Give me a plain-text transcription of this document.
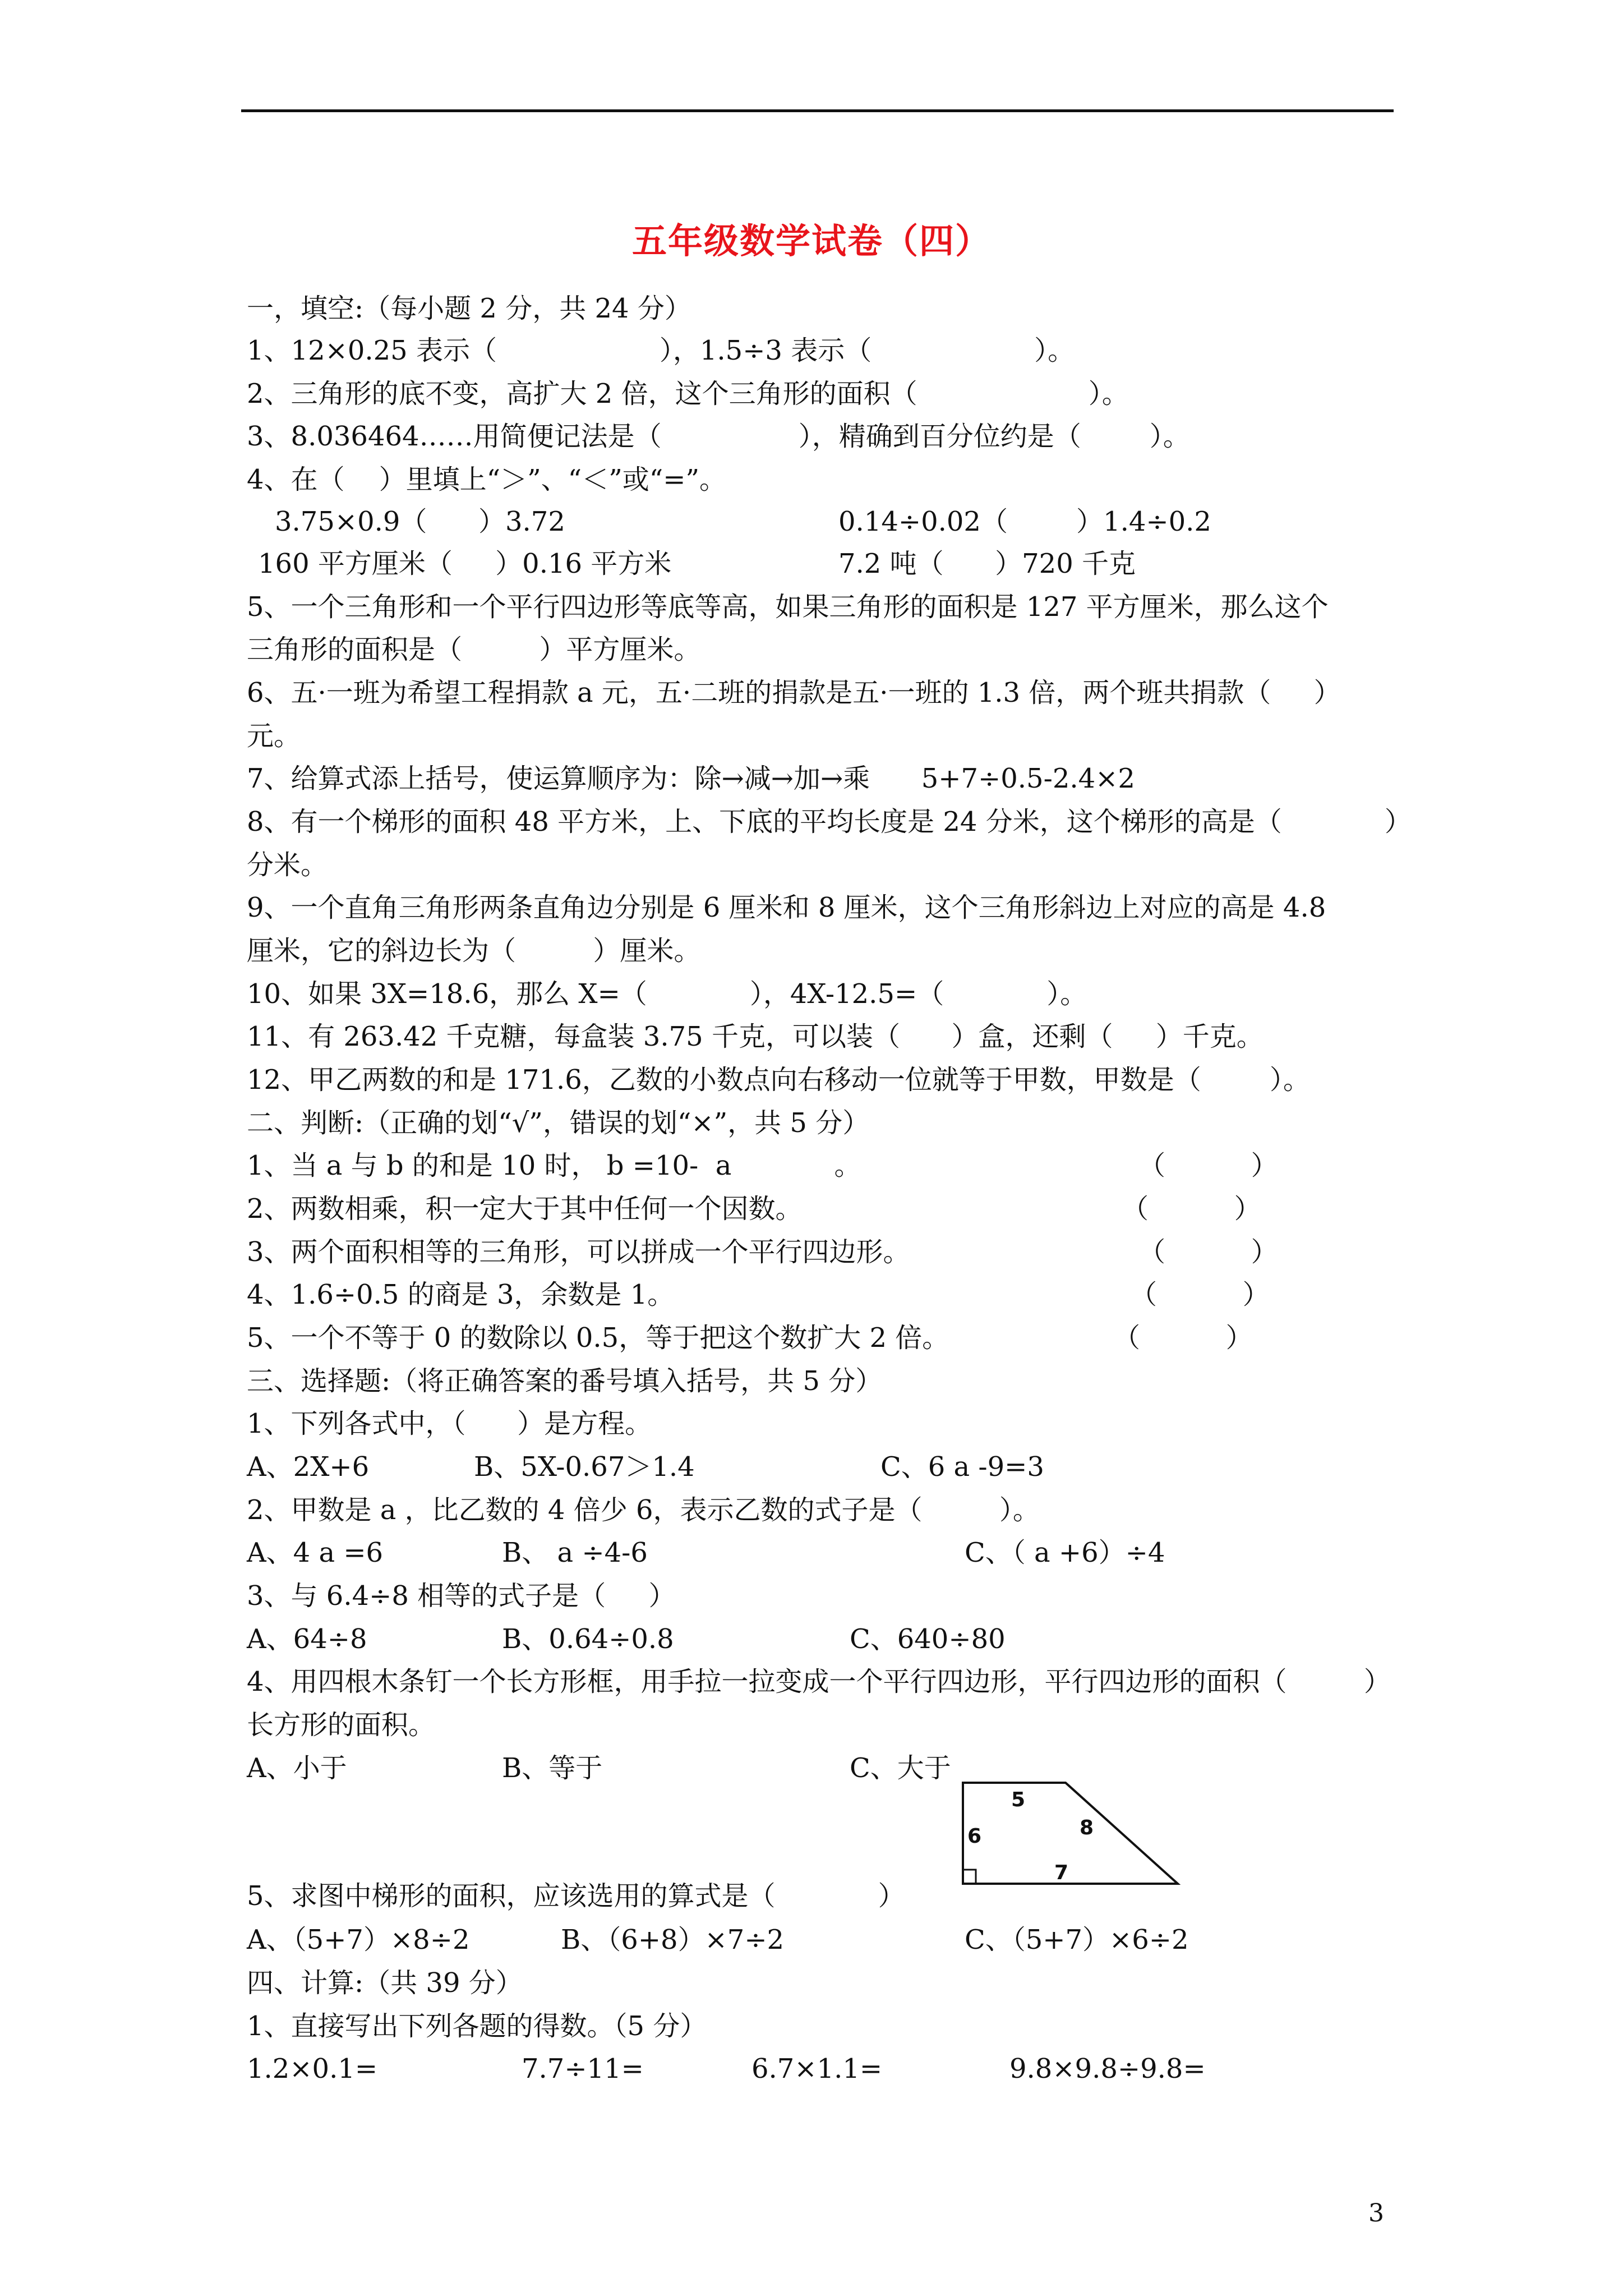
五年级数学试卷（四）
一，填空:（每小题 2 分，共 24 分）
1、12×0.25 表示（                   ），1.5÷3 表示（                   ）。
2、三角形的底不变，高扩大 2 倍，这个三角形的面积（                    ）。
3、8.036464……用简便记法是（                ），精确到百分位约是（        ）。
4、在（    ）里填上“＞”、“＜”或“=”。
3.75×0.9（      ）3.72	0.14÷0.02（        ）1.4÷0.2
160 平方厘米（     ）0.16 平方米	7.2 吨（      ）720 千克
5、一个三角形和一个平行四边形等底等高，如果三角形的面积是 127 平方厘米，那么这个
三角形的面积是（         ）平方厘米。
6、五·一班为希望工程捐款 a 元，五·二班的捐款是五·一班的 1.3 倍，两个班共捐款（     ）
元。
7、给算式添上括号，使运算顺序为：除→减→加→乘      5+7÷0.5-2.4×2
8、有一个梯形的面积 48 平方米，上、下底的平均长度是 24 分米，这个梯形的高是（            ）
分米。
9、一个直角三角形两条直角边分别是 6 厘米和 8 厘米，这个三角形斜边上对应的高是 4.8
厘米，它的斜边长为（         ）厘米。
10、如果 3X=18.6，那么 X=（            ），4X-12.5=（            ）。
11、有 263.42 千克糖，每盒装 3.75 千克，可以装（      ）盒，还剩（     ）千克。
12、甲乙两数的和是 171.6，乙数的小数点向右移动一位就等于甲数，甲数是（        ）。
二、判断:（正确的划“√”，错误的划“×”，共 5 分）
1、当 a 与 b 的和是 10 时， b =10-  a            。	（          ）
2、两数相乘，积一定大于其中任何一个因数。	（          ）
3、两个面积相等的三角形，可以拼成一个平行四边形。	（          ）
4、1.6÷0.5 的商是 3，余数是 1。	（          ）
5、一个不等于 0 的数除以 0.5，等于把这个数扩大 2 倍。	（          ）
三、选择题:（将正确答案的番号填入括号，共 5 分）
1、下列各式中，（      ）是方程。
A、2X+6	B、5X-0.67＞1.4	C、6 a -9=3
2、甲数是 a ，比乙数的 4 倍少 6，表示乙数的式子是（         ）。
A、4 a =6	B、 a ÷4-6	C、（ a +6）÷4
3、与 6.4÷8 相等的式子是（     ）
A、64÷8	B、0.64÷0.8	C、640÷80
4、用四根木条钉一个长方形框，用手拉一拉变成一个平行四边形，平行四边形的面积（         ）
长方形的面积。
A、小于	B、等于	C、大于
5
6	8
7
5、求图中梯形的面积，应该选用的算式是（            ）
A、（5+7）×8÷2	B、（6+8）×7÷2	C、（5+7）×6÷2
四、计算:（共 39 分）
1、直接写出下列各题的得数。（5 分）
1.2×0.1=	7.7÷11=	6.7×1.1=	9.8×9.8÷9.8=
3
